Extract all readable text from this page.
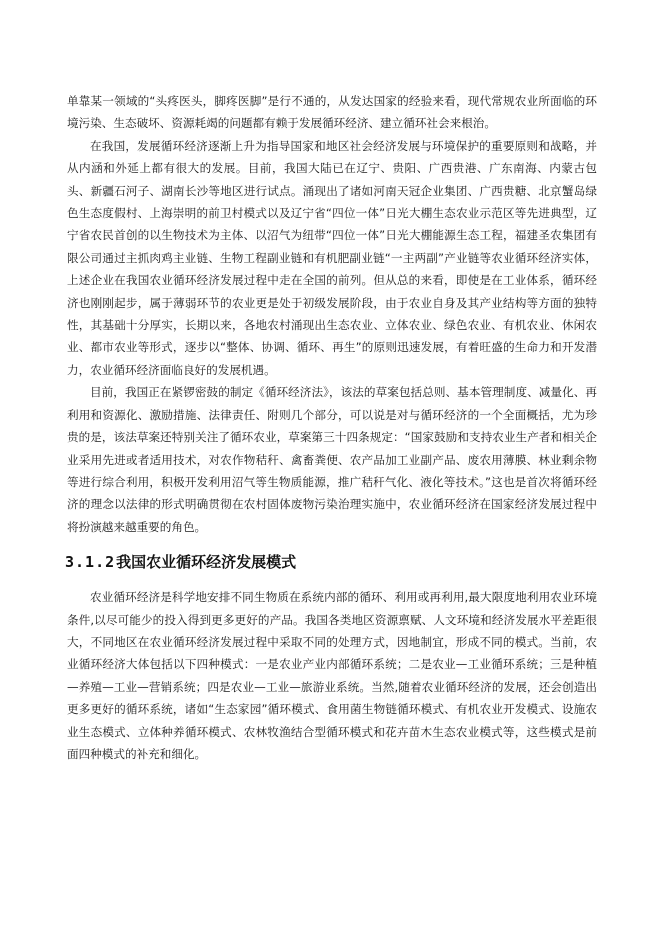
单靠某一领域的“头疼医头，脚疼医脚”是行不通的，从发达国家的经验来看，现代常规农业所面临的环境污染、生态破坏、资源耗竭的问题都有赖于发展循环经济、建立循环社会来根治。

在我国，发展循环经济逐渐上升为指导国家和地区社会经济发展与环境保护的重要原则和战略，并从内涵和外延上都有很大的发展。目前，我国大陆已在辽宁、贵阳、广西贵港、广东南海、内蒙古包头、新疆石河子、湖南长沙等地区进行试点。涌现出了诸如河南天冠企业集团、广西贵糖、北京蟹岛绿色生态度假村、上海崇明的前卫村模式以及辽宁省“四位一体”日光大棚生态农业示范区等先进典型，辽宁省农民首创的以生物技术为主体、以沼气为纽带“四位一体”日光大棚能源生态工程，福建圣农集团有限公司通过主抓肉鸡主业链、生物工程副业链和有机肥副业链“一主两副”产业链等农业循环经济实体，上述企业在我国农业循环经济发展过程中走在全国的前列。但从总的来看，即使是在工业体系，循环经济也刚刚起步，属于薄弱环节的农业更是处于初级发展阶段，由于农业自身及其产业结构等方面的独特性，其基础十分厚实，长期以来，各地农村涌现出生态农业、立体农业、绿色农业、有机农业、休闲农业、都市农业等形式，逐步以“整体、协调、循环、再生”的原则迅速发展，有着旺盛的生命力和开发潜力，农业循环经济面临良好的发展机遇。

目前，我国正在紧锣密鼓的制定《循环经济法》，该法的草案包括总则、基本管理制度、减量化、再利用和资源化、激励措施、法律责任、附则几个部分，可以说是对与循环经济的一个全面概括，尤为珍贵的是，该法草案还特别关注了循环农业，草案第三十四条规定：“国家鼓励和支持农业生产者和相关企业采用先进或者适用技术，对农作物秸秆、禽畜粪便、农产品加工业副产品、废农用薄膜、林业剩余物等进行综合利用，积极开发利用沼气等生物质能源，推广秸秆气化、液化等技术。”这也是首次将循环经济的理念以法律的形式明确贯彻在农村固体废物污染治理实施中，农业循环经济在国家经济发展过程中将扮演越来越重要的角色。

3.1.2我国农业循环经济发展模式

农业循环经济是科学地安排不同生物质在系统内部的循环、利用或再利用,最大限度地利用农业环境条件,以尽可能少的投入得到更多更好的产品。我国各类地区资源禀赋、人文环境和经济发展水平差距很大，不同地区在农业循环经济发展过程中采取不同的处理方式，因地制宜，形成不同的模式。当前，农业循环经济大体包括以下四种模式：一是农业产业内部循环系统；二是农业—工业循环系统；三是种植—养殖—工业—营销系统；四是农业—工业—旅游业系统。当然,随着农业循环经济的发展，还会创造出更多更好的循环系统，诸如“生态家园”循环模式、食用菌生物链循环模式、有机农业开发模式、设施农业生态模式、立体种养循环模式、农林牧渔结合型循环模式和花卉苗木生态农业模式等，这些模式是前面四种模式的补充和细化。
